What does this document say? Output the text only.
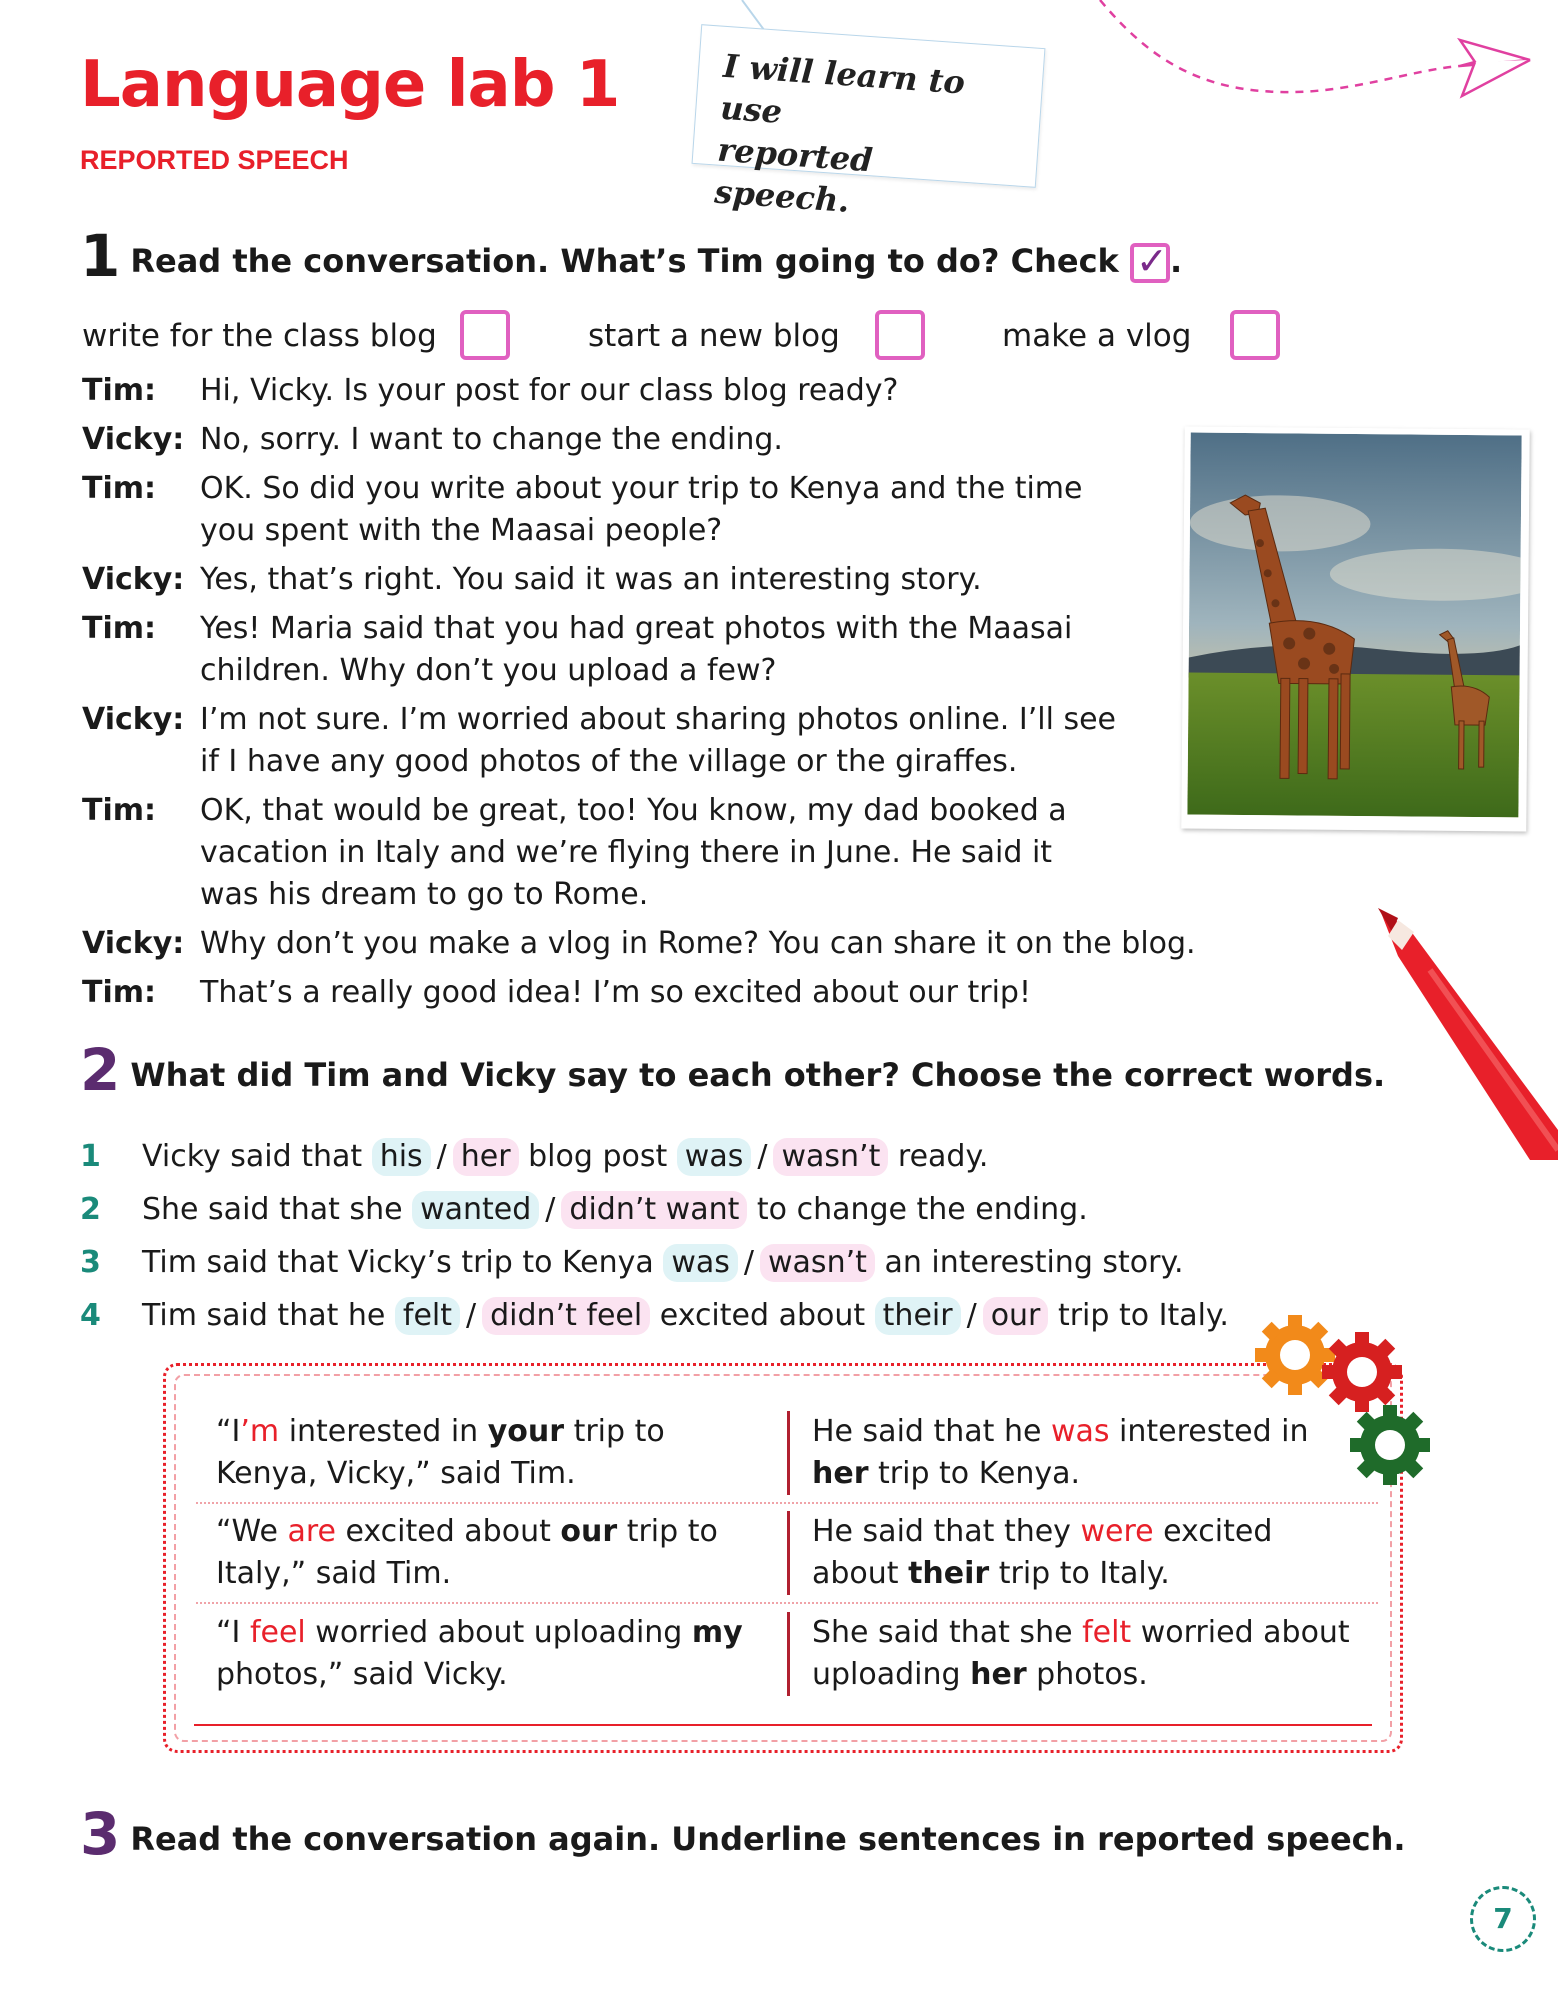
Language lab 1
REPORTED SPEECH
I will learn to use
reported speech.
1 Read the conversation. What’s Tim going to do? Check ✓ .
write for the class blog	start a new blog	make a vlog
Tim:	Hi, Vicky. Is your post for our class blog ready?
Vicky: No, sorry. I want to change the ending.
Tim:	OK. So did you write about your trip to Kenya and the time you spent with the Maasai people?
Vicky: Yes, that’s right. You said it was an interesting story.
Tim:	Yes! Maria said that you had great photos with the Maasai children. Why don’t you upload a few?
Vicky: I’m not sure. I’m worried about sharing photos online. I’ll see if I have any good photos of the village or the giraffes.
Tim:	OK, that would be great, too! You know, my dad booked a vacation in Italy and we’re flying there in June. He said it was his dream to go to Rome.
Vicky: Why don’t you make a vlog in Rome? You can share it on the blog.
Tim:	That’s a really good idea! I’m so excited about our trip!
2 What did Tim and Vicky say to each other? Choose the correct words.
1	Vicky said that
his / her
blog post
was / wasn’t
ready.
2	She said that she
wanted / didn’t want
to change the ending.
3	Tim said that Vicky’s trip to Kenya
was / wasn’t
an interesting story.
4	Tim said that he
felt / didn’t feel
excited about
their / our
trip to Italy.
“I’m interested in your trip to Kenya, Vicky,” said Tim.
He said that he was interested in her trip to Kenya.
“We are excited about our trip to Italy,” said Tim.
He said that they were excited about their trip to Italy.
“I feel worried about uploading my photos,” said Vicky.
She said that she felt worried about uploading her photos.
3 Read the conversation again. Underline sentences in reported speech.
7
